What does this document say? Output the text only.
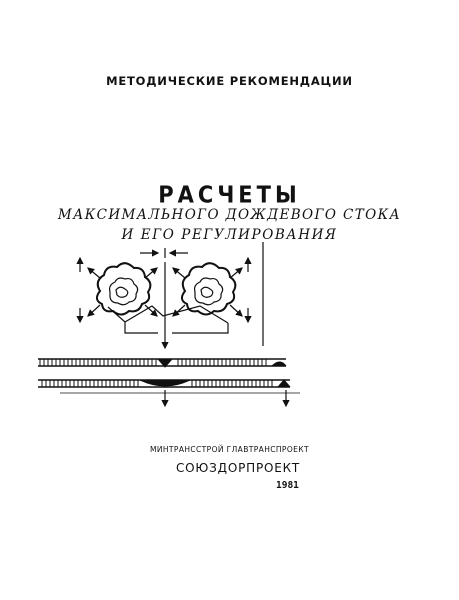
МЕТОДИЧЕСКИЕ РЕКОМЕНДАЦИИ
РАСЧЕТЫ
МАКСИМАЛЬНОГО ДОЖДЕВОГО СТОКА
И ЕГО РЕГУЛИРОВАНИЯ
МИНТРАНССТРОЙ ГЛАВТРАНСПРОЕКТ
СОЮЗДОРПРОЕКТ
1981
